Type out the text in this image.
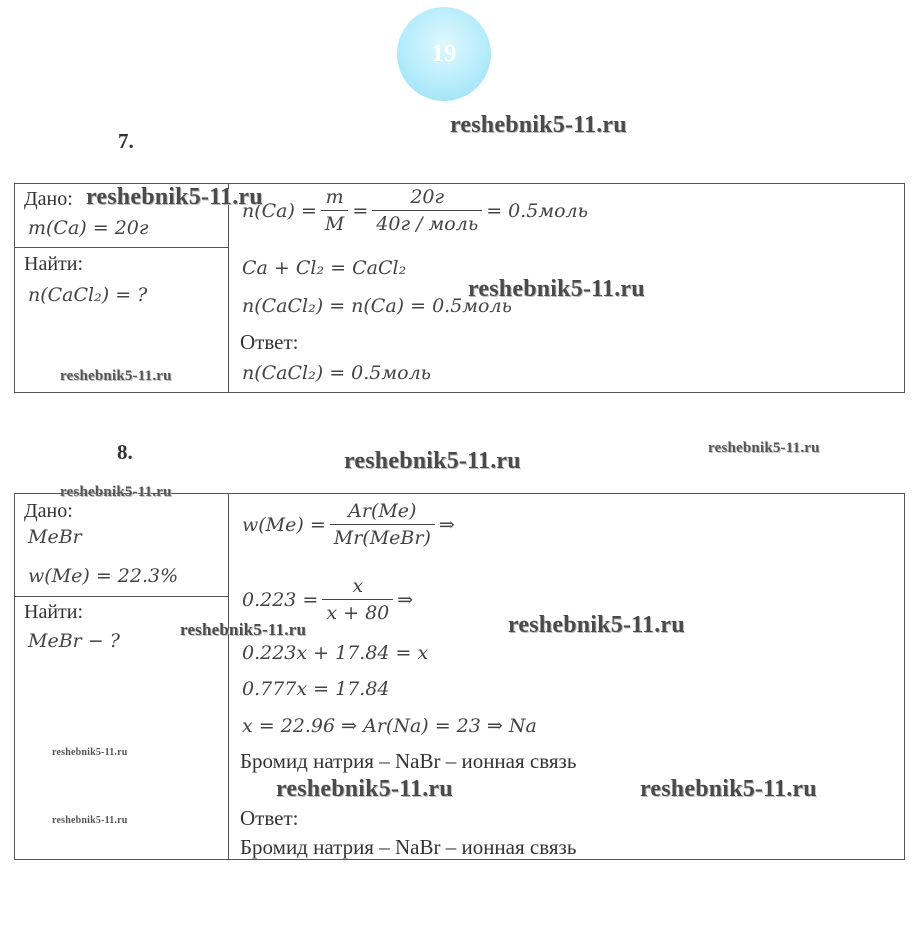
19
7.
reshebnik5-11.ru
Дано:
m(Ca) = 20г
Найти:
n(CaCl₂) = ?
$n(Ca) = \frac{m}{M} = \frac{20г}{\text{40г / моль}}$ = 0.5моль
Ca + Cl₂ = CaCl₂
n(CaCl₂) = n(Ca) = 0.5моль
Ответ:
n(CaCl₂) = 0.5моль
reshebnik5-11.ru
reshebnik5-11.ru
reshebnik5-11.ru
8.	reshebnik5-11.ru	reshebnik5-11.ru
reshebnik5-11.ru
Дано:
MeBr
w(Me) = 22.3%
Найти:
MeBr − ?
$w(Me) = \frac{Ar(Me)}{\text{Mr(MeBr)}}$ ⇒
$0.223 = \frac{x}{x + 80}$ ⇒
0.223x + 17.84 = x
0.777x = 17.84
x = 22.96 ⇒ Ar(Na) = 23 ⇒ Na
Бромид натрия – NaBr – ионная связь
Ответ:
Бромид натрия – NaBr – ионная связь
reshebnik5-11.ru	reshebnik5-11.ru
reshebnik5-11.ru
reshebnik5-11.ru	reshebnik5-11.ru
reshebnik5-11.ru
